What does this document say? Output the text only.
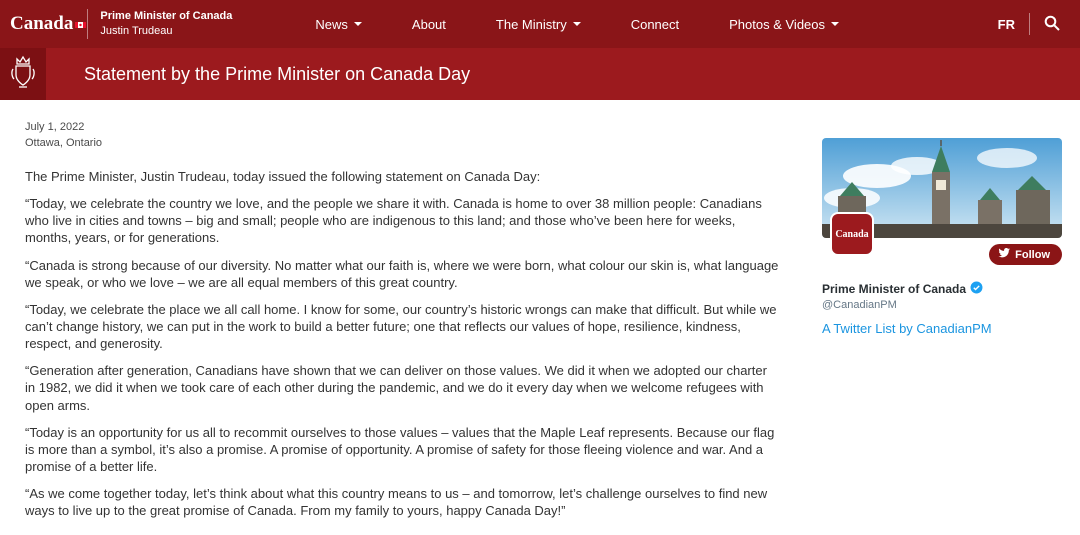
Canada	Prime Minister of Canada
Justin Trudeau	News	About	The Ministry	Connect	Photos & Videos	FR
Statement by the Prime Minister on Canada Day
July 1, 2022
Ottawa, Ontario

The Prime Minister, Justin Trudeau, today issued the following statement on Canada Day:

“Today, we celebrate the country we love, and the people we share it with. Canada is home to over 38 million people: Canadians who live in cities and towns – big and small; people who are indigenous to this land; and those who’ve been here for weeks, months, years, or for generations.

“Canada is strong because of our diversity. No matter what our faith is, where we were born, what colour our skin is, what language we speak, or who we love – we are all equal members of this great country.

“Today, we celebrate the place we all call home. I know for some, our country’s historic wrongs can make that difficult. But while we can’t change history, we can put in the work to build a better future; one that reflects our values of hope, resilience, kindness, respect, and generosity.

“Generation after generation, Canadians have shown that we can deliver on those values. We did it when we adopted our charter in 1982, we did it when we took care of each other during the pandemic, and we do it every day when we welcome refugees with open arms.

“Today is an opportunity for us all to recommit ourselves to those values – values that the Maple Leaf represents. Because our flag is more than a symbol, it’s also a promise. A promise of opportunity. A promise of safety for those fleeing violence and war. And a promise of a better life.

“As we come together today, let’s think about what this country means to us – and tomorrow, let’s challenge ourselves to find new ways to live up to the great promise of Canada. From my family to yours, happy Canada Day!”

Canada
Follow
Prime Minister of Canada
@CanadianPM
A Twitter List by CanadianPM
